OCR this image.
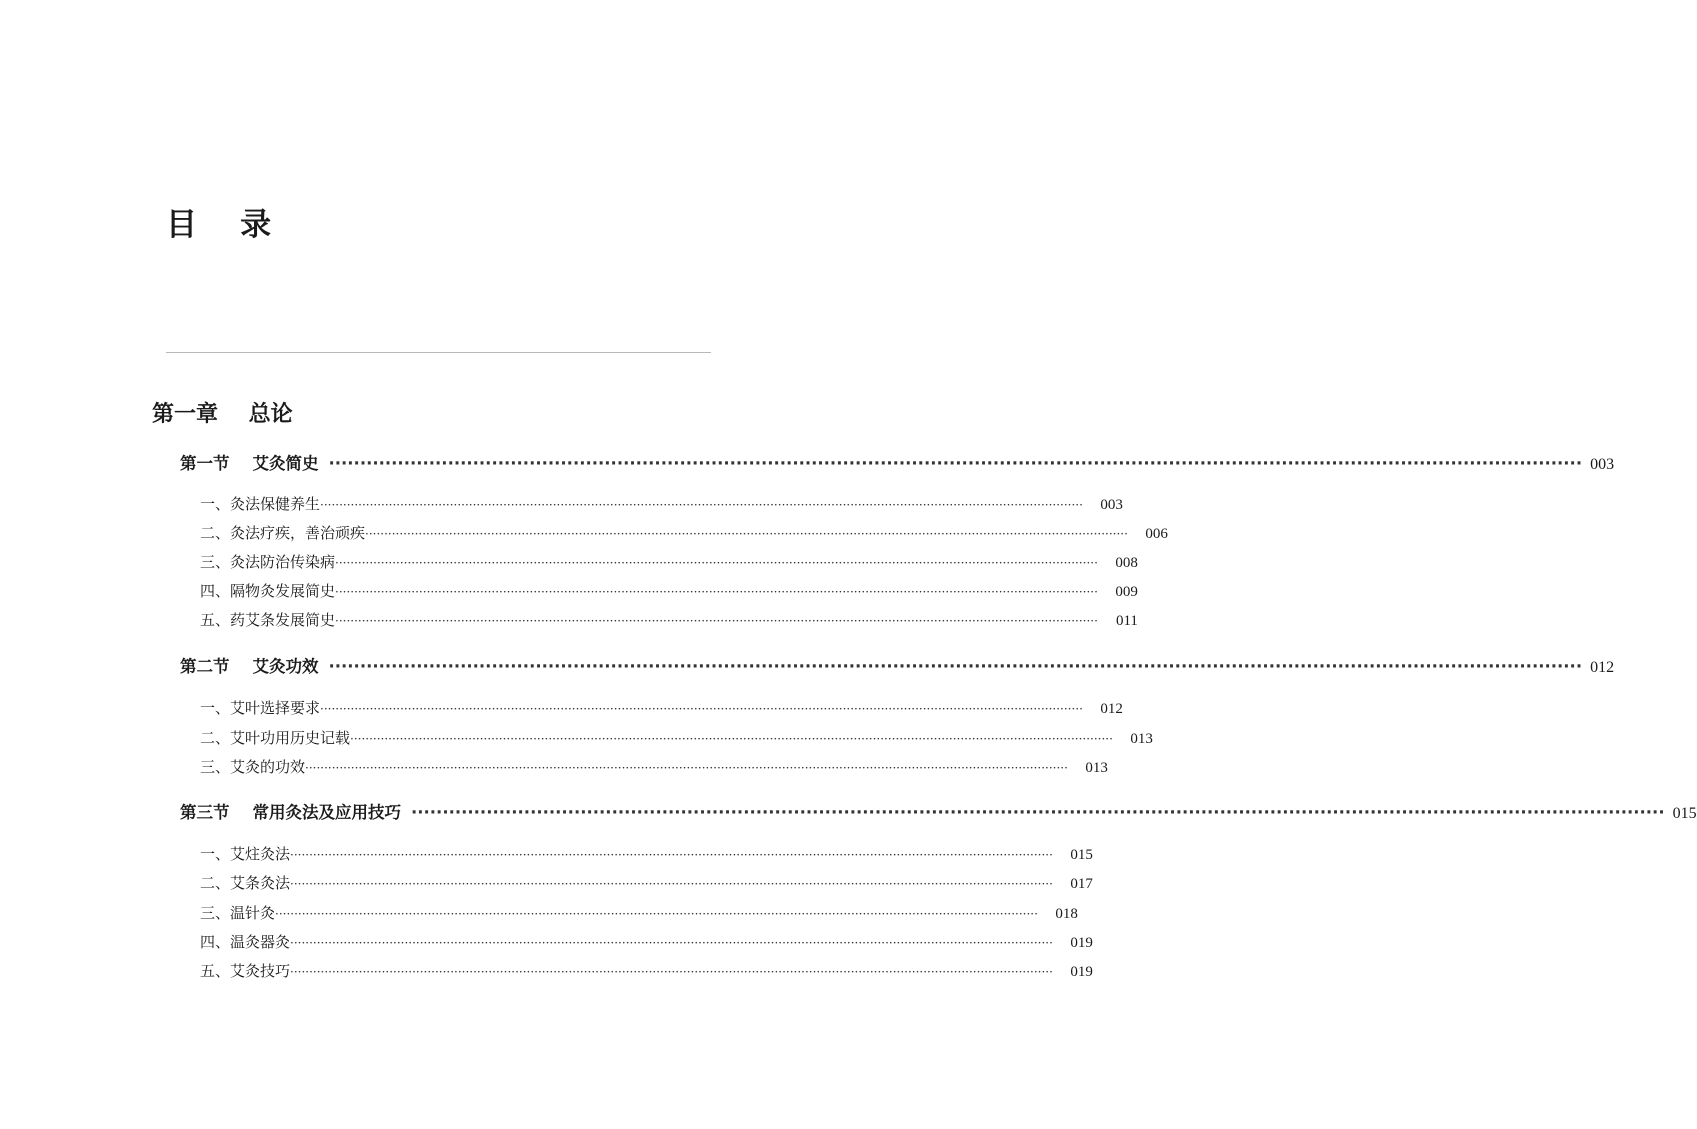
目    录
第一章    总论
第一节    艾灸简史 ········································································································································································································ 003
一、灸法保健养生 ········································································································································································································ 003
二、灸法疗疾，善治顽疾 ········································································································································································································ 006
三、灸法防治传染病 ········································································································································································································ 008
四、隔物灸发展简史 ········································································································································································································ 009
五、药艾条发展简史 ········································································································································································································ 011
第二节    艾灸功效 ········································································································································································································ 012
一、艾叶选择要求 ········································································································································································································ 012
二、艾叶功用历史记载 ········································································································································································································ 013
三、艾灸的功效 ········································································································································································································ 013
第三节    常用灸法及应用技巧 ········································································································································································································ 015
一、艾炷灸法 ········································································································································································································ 015
二、艾条灸法 ········································································································································································································ 017
三、温针灸 ········································································································································································································ 018
四、温灸器灸 ········································································································································································································ 019
五、艾灸技巧 ········································································································································································································ 019
